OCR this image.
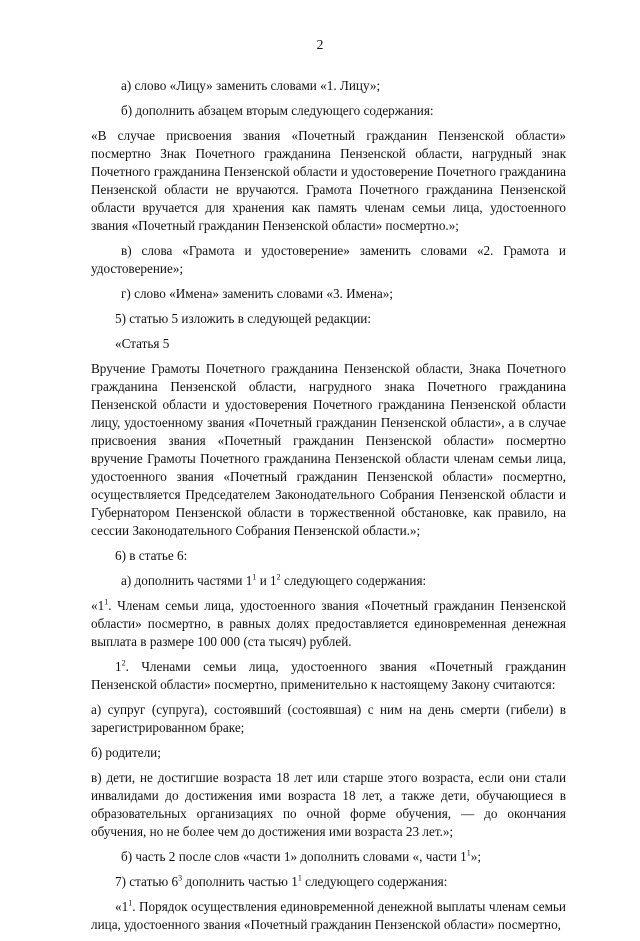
2

а) слово «Лицу» заменить словами «1. Лицу»;

б) дополнить абзацем вторым следующего содержания:

«В случае присвоения звания «Почетный гражданин Пензенской области» посмертно Знак Почетного гражданина Пензенской области, нагрудный знак Почетного гражданина Пензенской области и удостоверение Почетного гражданина Пензенской области не вручаются. Грамота Почетного гражданина Пензенской области вручается для хранения как память членам семьи лица, удостоенного звания «Почетный гражданин Пензенской области» посмертно.»;

в) слова «Грамота и удостоверение» заменить словами «2. Грамота и удостоверение»;

г) слово «Имена» заменить словами «3. Имена»;

5) статью 5 изложить в следующей редакции:

«Статья 5

Вручение Грамоты Почетного гражданина Пензенской области, Знака Почетного гражданина Пензенской области, нагрудного знака Почетного гражданина Пензенской области и удостоверения Почетного гражданина Пензенской области лицу, удостоенному звания «Почетный гражданин Пензенской области», а в случае присвоения звания «Почетный гражданин Пензенской области» посмертно вручение Грамоты Почетного гражданина Пензенской области членам семьи лица, удостоенного звания «Почетный гражданин Пензенской области» посмертно, осуществляется Председателем Законодательного Собрания Пензенской области и Губернатором Пензенской области в торжественной обстановке, как правило, на сессии Законодательного Собрания Пензенской области.»;

6) в статье 6:

а) дополнить частями $1^1$ и $1^2$ следующего содержания:

«$1^1$. Членам семьи лица, удостоенного звания «Почетный гражданин Пензенской области» посмертно, в равных долях предоставляется единовременная денежная выплата в размере 100 000 (ста тысяч) рублей.

$1^2$. Членами семьи лица, удостоенного звания «Почетный гражданин Пензенской области» посмертно, применительно к настоящему Закону считаются:

а) супруг (супруга), состоявший (состоявшая) с ним на день смерти (гибели) в зарегистрированном браке;

б) родители;

в) дети, не достигшие возраста 18 лет или старше этого возраста, если они стали инвалидами до достижения ими возраста 18 лет, а также дети, обучающиеся в образовательных организациях по очной форме обучения, — до окончания обучения, но не более чем до достижения ими возраста 23 лет.»;

б) часть 2 после слов «части 1» дополнить словами «, части $1^1$»;

7) статью $6^3$ дополнить частью $1^1$ следующего содержания:

«$1^1$. Порядок осуществления единовременной денежной выплаты членам семьи лица, удостоенного звания «Почетный гражданин Пензенской области» посмертно,
